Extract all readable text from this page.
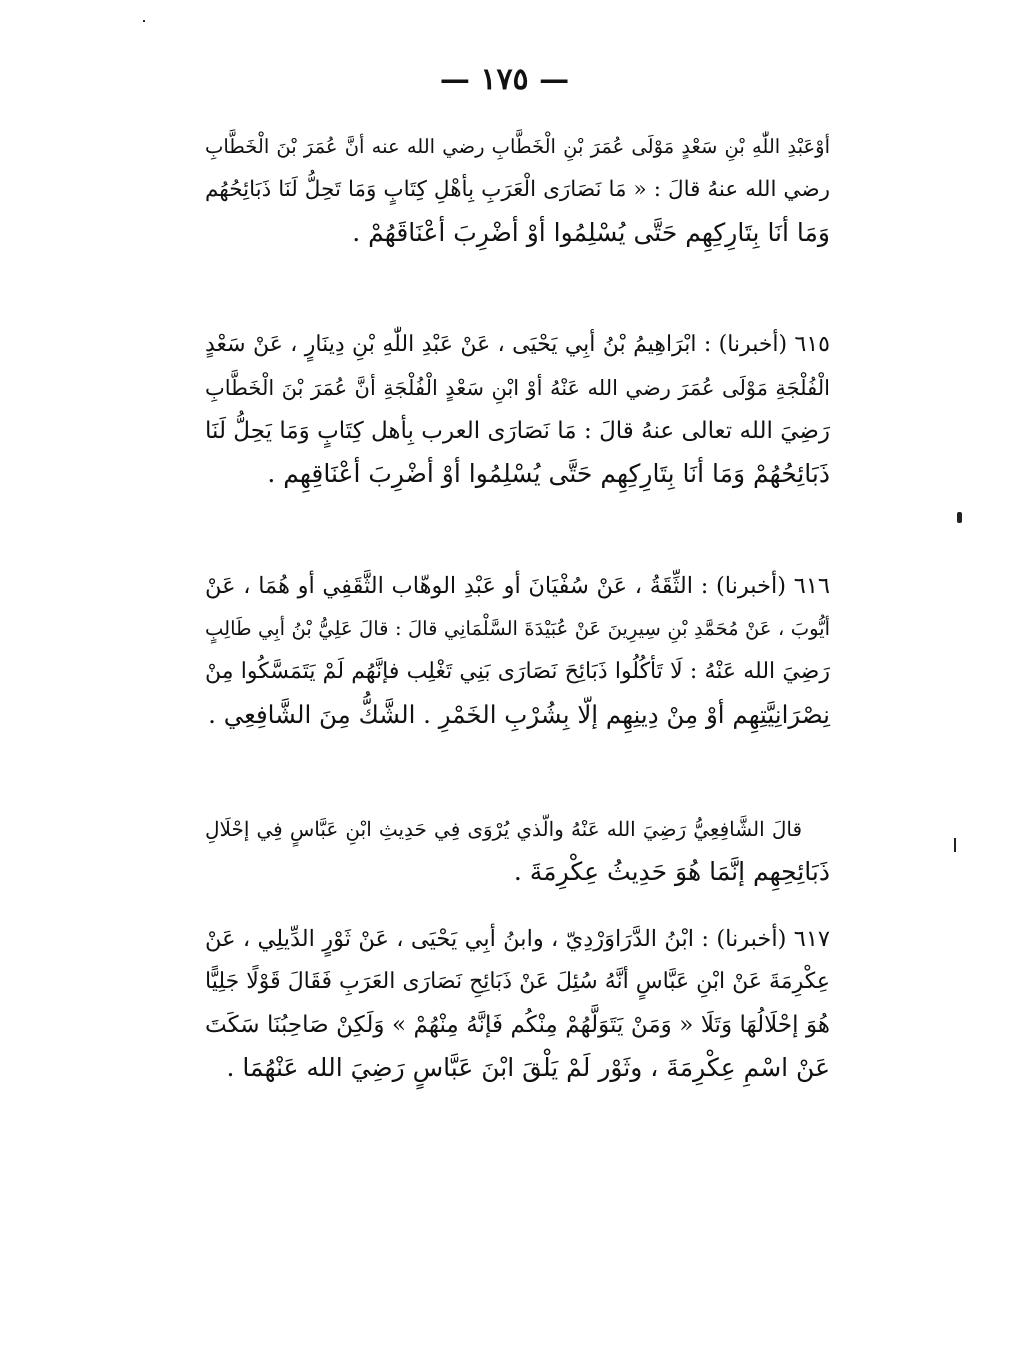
— ١٧٥ —
أوْعَبْدِ اللّٰهِ بْنِ سَعْدٍ مَوْلَى عُمَرَ بْنِ الْخَطَّابِ رضي الله عنه أنَّ عُمَرَ بْنَ الْخَطَّابِ
رضي الله عنهُ قالَ : « مَا نَصَارَى الْعَرَبِ بِأهْلِ كِتَابٍ وَمَا تَحِلُّ لَنَا ذَبَائِحُهُم
وَمَا أنَا بِتَارِكِهِم حَتَّى يُسْلِمُوا أوْ أضْرِبَ أعْنَاقَهُمْ .
٦١٥ (أخبرنا) : ابْرَاهِيمُ بْنُ أبِي يَحْيَى ، عَنْ عَبْدِ اللّٰهِ بْنِ دِينَارٍ ، عَنْ سَعْدٍ
الْفُلْجَةِ مَوْلَى عُمَرَ رضي الله عَنْهُ أوْ ابْنِ سَعْدٍ الْفُلْجَةِ أنَّ عُمَرَ بْنَ الْخَطَّابِ
رَضِيَ الله تعالى عنهُ قالَ : مَا نَصَارَى العرب بِأهل كِتَابٍ وَمَا يَحِلُّ لَنَا
ذَبَائِحُهُمْ وَمَا أنَا بِتَارِكِهِم حَتَّى يُسْلِمُوا أوْ أضْرِبَ أعْنَاقِهِم .
٦١٦ (أخبرنا) : الثِّقَةُ ، عَنْ سُفْيَانَ أو عَبْدِ الوهّاب الثَّقَفِي أو هُمَا ، عَنْ
أيُّوبَ ، عَنْ مُحَمَّدِ بْنِ سِيرِينَ عَنْ عُبَيْدَةَ السَّلْمَانِي قالَ : قالَ عَلِيُّ بْنُ أبِي طَالِبٍ
رَضِيَ الله عَنْهُ : لَا تَأكُلُوا ذَبَائِحَ نَصَارَى بَنِي تَغْلِب فإنَّهُم لَمْ يَتَمَسَّكُوا مِنْ
نِصْرَانِيَّتِهِم أوْ مِنْ دِينِهِم إلّا بِشُرْبِ الخَمْرِ . الشَّكُّ مِنَ الشَّافِعِي .
قالَ الشَّافِعِيُّ رَضِيَ الله عَنْهُ والّذي يُرْوَى فِي حَدِيثِ ابْنِ عَبَّاسٍ فِي إحْلَالِ
ذَبَائِحِهِم إنَّمَا هُوَ حَدِيثُ عِكْرِمَةَ .
٦١٧ (أخبرنا) : ابْنُ الدَّرَاوَرْدِيّ ، وابنُ أبِي يَحْيَى ، عَنْ ثَوْرٍ الدِّيلِي ، عَنْ
عِكْرِمَةَ عَنْ ابْنِ عَبَّاسٍ أنَّهُ سُئِلَ عَنْ ذَبَائِحِ نَصَارَى العَرَبِ فَقَالَ قَوْلًا جَلِيًّا
هُوَ إحْلَالُهَا وَتَلَا « وَمَنْ يَتَوَلَّهُمْ مِنْكُم فَإنَّهُ مِنْهُمْ » وَلَكِنْ صَاحِبُنَا سَكَتَ
عَنْ اسْمِ عِكْرِمَةَ ، وثَوْر لَمْ يَلْقَ ابْنَ عَبَّاسٍ رَضِيَ الله عَنْهُمَا .
